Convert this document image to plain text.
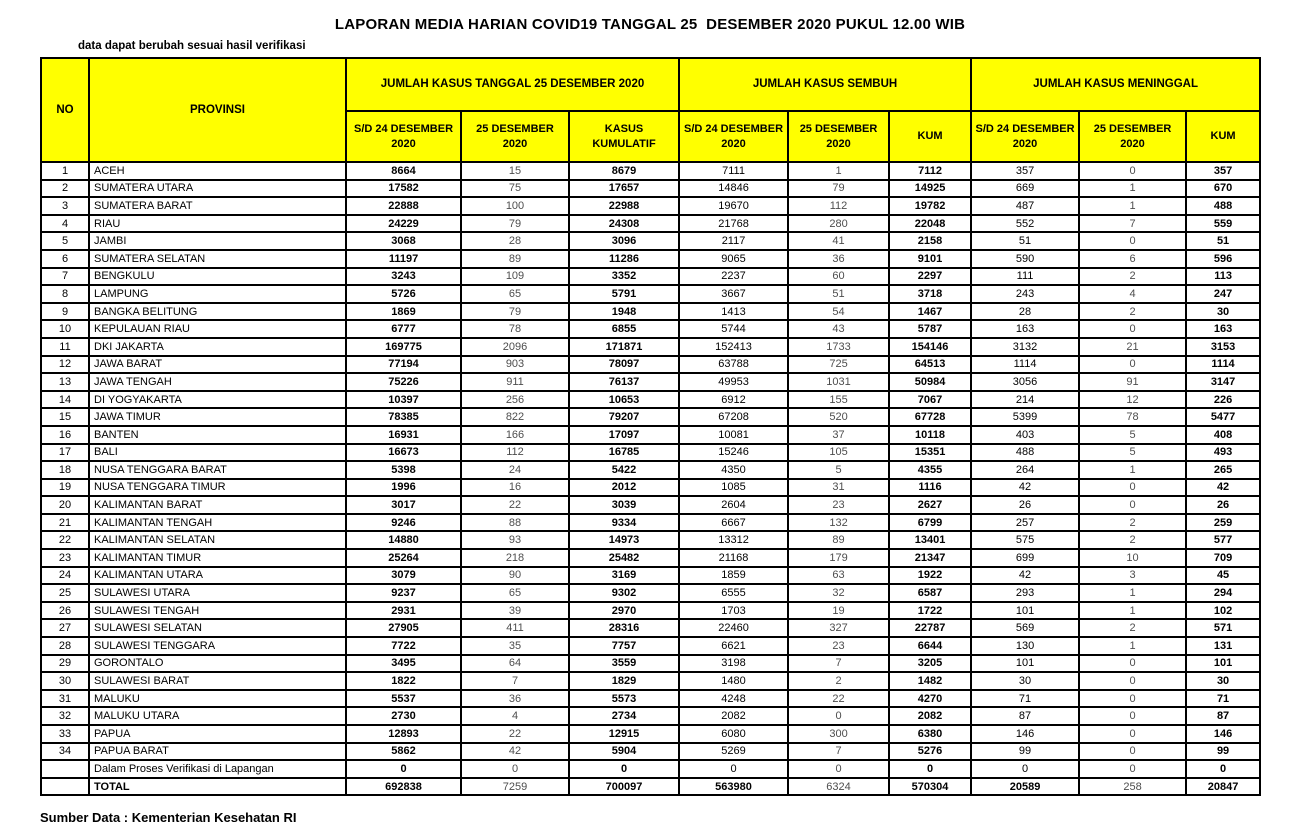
LAPORAN MEDIA HARIAN COVID19 TANGGAL 25  DESEMBER 2020 PUKUL 12.00 WIB
data dapat berubah sesuai hasil verifikasi
NO	PROVINSI	JUMLAH KASUS TANGGAL 25 DESEMBER 2020			JUMLAH KASUS SEMBUH			JUMLAH KASUS MENINGGAL		
		S/D 24 DESEMBER 2020	25 DESEMBER 2020	KASUS KUMULATIF	S/D 24 DESEMBER 2020	25 DESEMBER 2020	KUM	S/D 24 DESEMBER 2020	25 DESEMBER 2020	KUM
1	ACEH	8664	15	8679	7111	1	7112	357	0	357
2	SUMATERA UTARA	17582	75	17657	14846	79	14925	669	1	670
3	SUMATERA BARAT	22888	100	22988	19670	112	19782	487	1	488
4	RIAU	24229	79	24308	21768	280	22048	552	7	559
5	JAMBI	3068	28	3096	2117	41	2158	51	0	51
6	SUMATERA SELATAN	11197	89	11286	9065	36	9101	590	6	596
7	BENGKULU	3243	109	3352	2237	60	2297	111	2	113
8	LAMPUNG	5726	65	5791	3667	51	3718	243	4	247
9	BANGKA BELITUNG	1869	79	1948	1413	54	1467	28	2	30
10	KEPULAUAN RIAU	6777	78	6855	5744	43	5787	163	0	163
11	DKI JAKARTA	169775	2096	171871	152413	1733	154146	3132	21	3153
12	JAWA BARAT	77194	903	78097	63788	725	64513	1114	0	1114
13	JAWA TENGAH	75226	911	76137	49953	1031	50984	3056	91	3147
14	DI YOGYAKARTA	10397	256	10653	6912	155	7067	214	12	226
15	JAWA TIMUR	78385	822	79207	67208	520	67728	5399	78	5477
16	BANTEN	16931	166	17097	10081	37	10118	403	5	408
17	BALI	16673	112	16785	15246	105	15351	488	5	493
18	NUSA TENGGARA BARAT	5398	24	5422	4350	5	4355	264	1	265
19	NUSA TENGGARA TIMUR	1996	16	2012	1085	31	1116	42	0	42
20	KALIMANTAN BARAT	3017	22	3039	2604	23	2627	26	0	26
21	KALIMANTAN TENGAH	9246	88	9334	6667	132	6799	257	2	259
22	KALIMANTAN SELATAN	14880	93	14973	13312	89	13401	575	2	577
23	KALIMANTAN TIMUR	25264	218	25482	21168	179	21347	699	10	709
24	KALIMANTAN UTARA	3079	90	3169	1859	63	1922	42	3	45
25	SULAWESI UTARA	9237	65	9302	6555	32	6587	293	1	294
26	SULAWESI TENGAH	2931	39	2970	1703	19	1722	101	1	102
27	SULAWESI SELATAN	27905	411	28316	22460	327	22787	569	2	571
28	SULAWESI TENGGARA	7722	35	7757	6621	23	6644	130	1	131
29	GORONTALO	3495	64	3559	3198	7	3205	101	0	101
30	SULAWESI BARAT	1822	7	1829	1480	2	1482	30	0	30
31	MALUKU	5537	36	5573	4248	22	4270	71	0	71
32	MALUKU UTARA	2730	4	2734	2082	0	2082	87	0	87
33	PAPUA	12893	22	12915	6080	300	6380	146	0	146
34	PAPUA BARAT	5862	42	5904	5269	7	5276	99	0	99
	Dalam Proses Verifikasi di Lapangan	0	0	0	0	0	0	0	0	0
	TOTAL	692838	7259	700097	563980	6324	570304	20589	258	20847
Sumber Data : Kementerian Kesehatan RI
